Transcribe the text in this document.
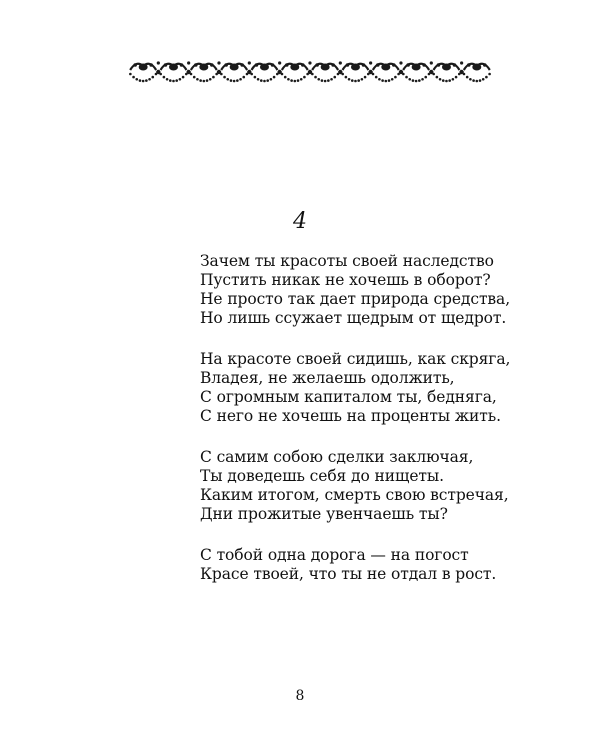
4
Зачем ты красоты своей наследство
Пустить никак не хочешь в оборот?
Не просто так дает природа средства,
Но лишь ссужает щедрым от щедрот.
На красоте своей сидишь, как скряга,
Владея, не желаешь одолжить,
С огромным капиталом ты, бедняга,
С него не хочешь на проценты жить.
С самим собою сделки заключая,
Ты доведешь себя до нищеты.
Каким итогом, смерть свою встречая,
Дни прожитые увенчаешь ты?
С тобой одна дорога — на погост
Красе твоей, что ты не отдал в рост.
8
